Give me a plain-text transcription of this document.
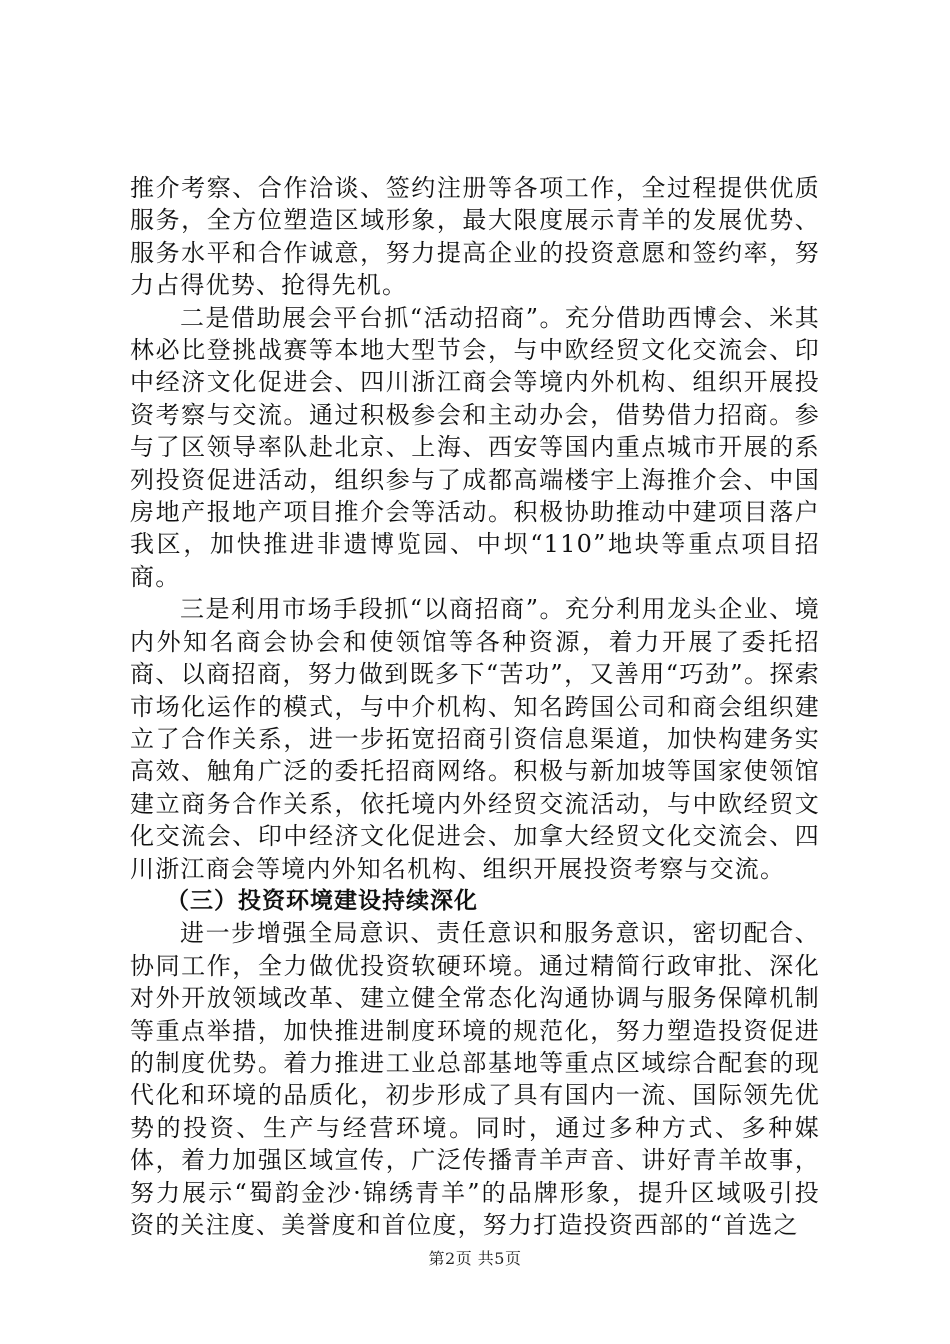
推介考察、合作洽谈、签约注册等各项工作，全过程提供优质服务，全方位塑造区域形象，最大限度展示青羊的发展优势、服务水平和合作诚意，努力提高企业的投资意愿和签约率，努力占得优势、抢得先机。

二是借助展会平台抓“活动招商”。充分借助西博会、米其林必比登挑战赛等本地大型节会，与中欧经贸文化交流会、印中经济文化促进会、四川浙江商会等境内外机构、组织开展投资考察与交流。通过积极参会和主动办会，借势借力招商。参与了区领导率队赴北京、上海、西安等国内重点城市开展的系列投资促进活动，组织参与了成都高端楼宇上海推介会、中国房地产报地产项目推介会等活动。积极协助推动中建项目落户我区，加快推进非遗博览园、中坝“110”地块等重点项目招商。

三是利用市场手段抓“以商招商”。充分利用龙头企业、境内外知名商会协会和使领馆等各种资源，着力开展了委托招商、以商招商，努力做到既多下“苦功”，又善用“巧劲”。探索市场化运作的模式，与中介机构、知名跨国公司和商会组织建立了合作关系，进一步拓宽招商引资信息渠道，加快构建务实高效、触角广泛的委托招商网络。积极与新加坡等国家使领馆建立商务合作关系，依托境内外经贸交流活动，与中欧经贸文化交流会、印中经济文化促进会、加拿大经贸文化交流会、四川浙江商会等境内外知名机构、组织开展投资考察与交流。

（三）投资环境建设持续深化

进一步增强全局意识、责任意识和服务意识，密切配合、协同工作，全力做优投资软硬环境。通过精简行政审批、深化对外开放领域改革、建立健全常态化沟通协调与服务保障机制等重点举措，加快推进制度环境的规范化，努力塑造投资促进的制度优势。着力推进工业总部基地等重点区域综合配套的现代化和环境的品质化，初步形成了具有国内一流、国际领先优势的投资、生产与经营环境。同时，通过多种方式、多种媒体，着力加强区域宣传，广泛传播青羊声音、讲好青羊故事，努力展示“蜀韵金沙·锦绣青羊”的品牌形象，提升区域吸引投资的关注度、美誉度和首位度，努力打造投资西部的“首选之

第2页 共5页
